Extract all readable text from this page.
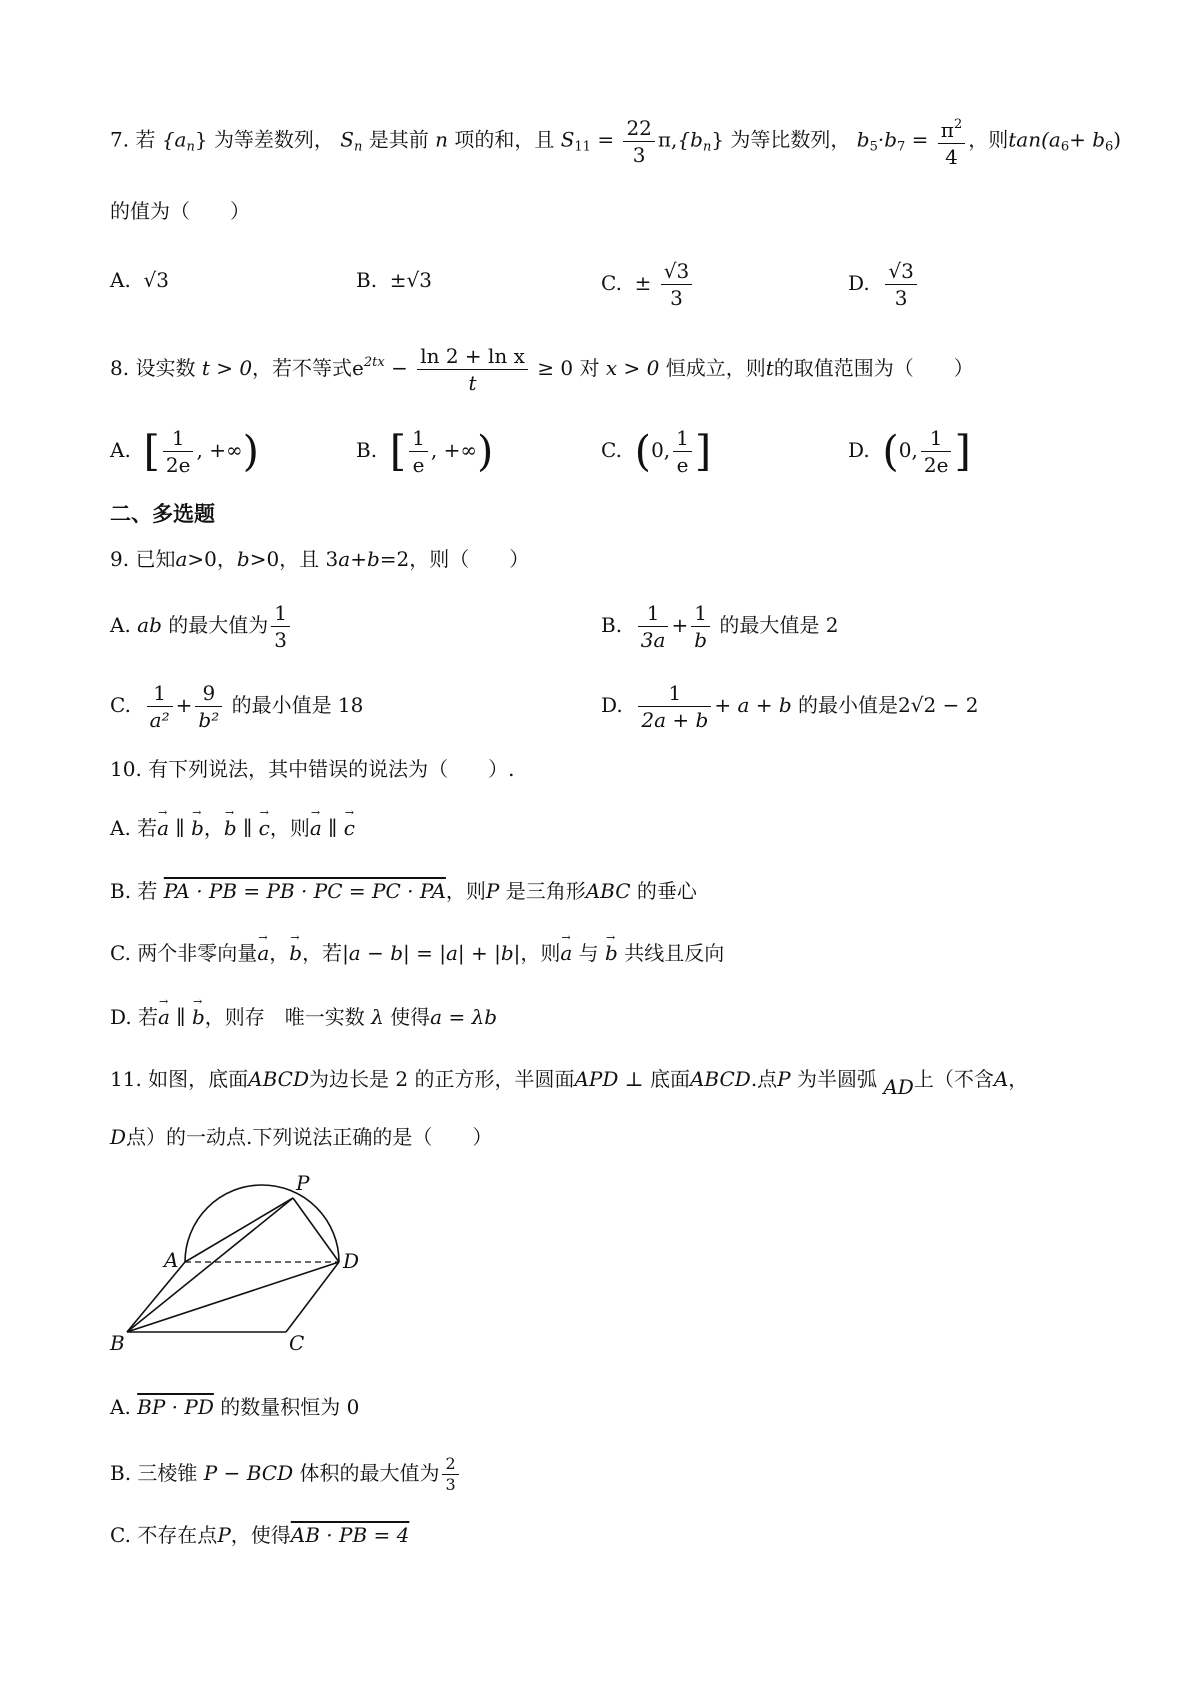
7. 若 $\{a_n\}$ 为等差数列， $S_n$ 是其前 n 项的和，且 $S_{11} = \frac{22}{3} \pi,\{b_n\}$ 为等比数列， $b_5\cdot b_7 = \frac{\pi^2}{4}$ ，则$\tan(a_6+ b_6)$
的值为（　　）
A. √3	B. ±√3	C. ± $\frac{√3}{3}$	D. $\frac{√3}{3}$
8. 设实数 t > 0，若不等式$e^{2tx} - \frac{\text{ln 2 + ln x}}{t} \ge 0$ 对 x > 0 恒成立，则t的取值范围为（　　）
A. [ $\frac{1}{2e}$ , +∞)	B. [ $\frac{1}{e}$ , +∞)	C. (0, $\frac{1}{e}$ ]	D. (0, $\frac{1}{2e}$ ]
二、多选题
9. 已知a>0，b>0，且 3a+b=2，则（　　）
A. ab 的最大值为 $\frac{1}{3}$	B. $\frac{1}{3a} + \frac{1}{b}$ 的最大值是 2
C. $\frac{1}{\text{a²}} + \frac{9}{\text{b²}}$ 的最小值是 18	D. $\frac{1}{2a + b} + a + b$ 的最小值是2√2 − 2
10. 有下列说法，其中错误的说法为（　　）.
A. 若→ a ∥ → b，→ b ∥ → c，则→ a ∥ → c
B. 若 PA · PB = PB · PC = PC · PA，则P 是三角形ABC 的垂心
C. 两个非零向量→ a，→ b，若|a − b| = |a| + |b|，则→ a 与 → b 共线且反向
D. 若→ a ∥ → b，则存　唯一实数 λ 使得a = λb
11. 如图，底面ABCD为边长是 2 的正方形，半圆面APD ⊥ 底面ABCD.点P 为半圆弧 AD上（不含A，
D点）的一动点.下列说法正确的是（　　）
P
A	D
B	C
A. BP · PD 的数量积恒为 0
B. 三棱锥 P − BCD 体积的最大值为 $\frac{2}{3}$
C. 不存在点P，使得AB · PB = 4
